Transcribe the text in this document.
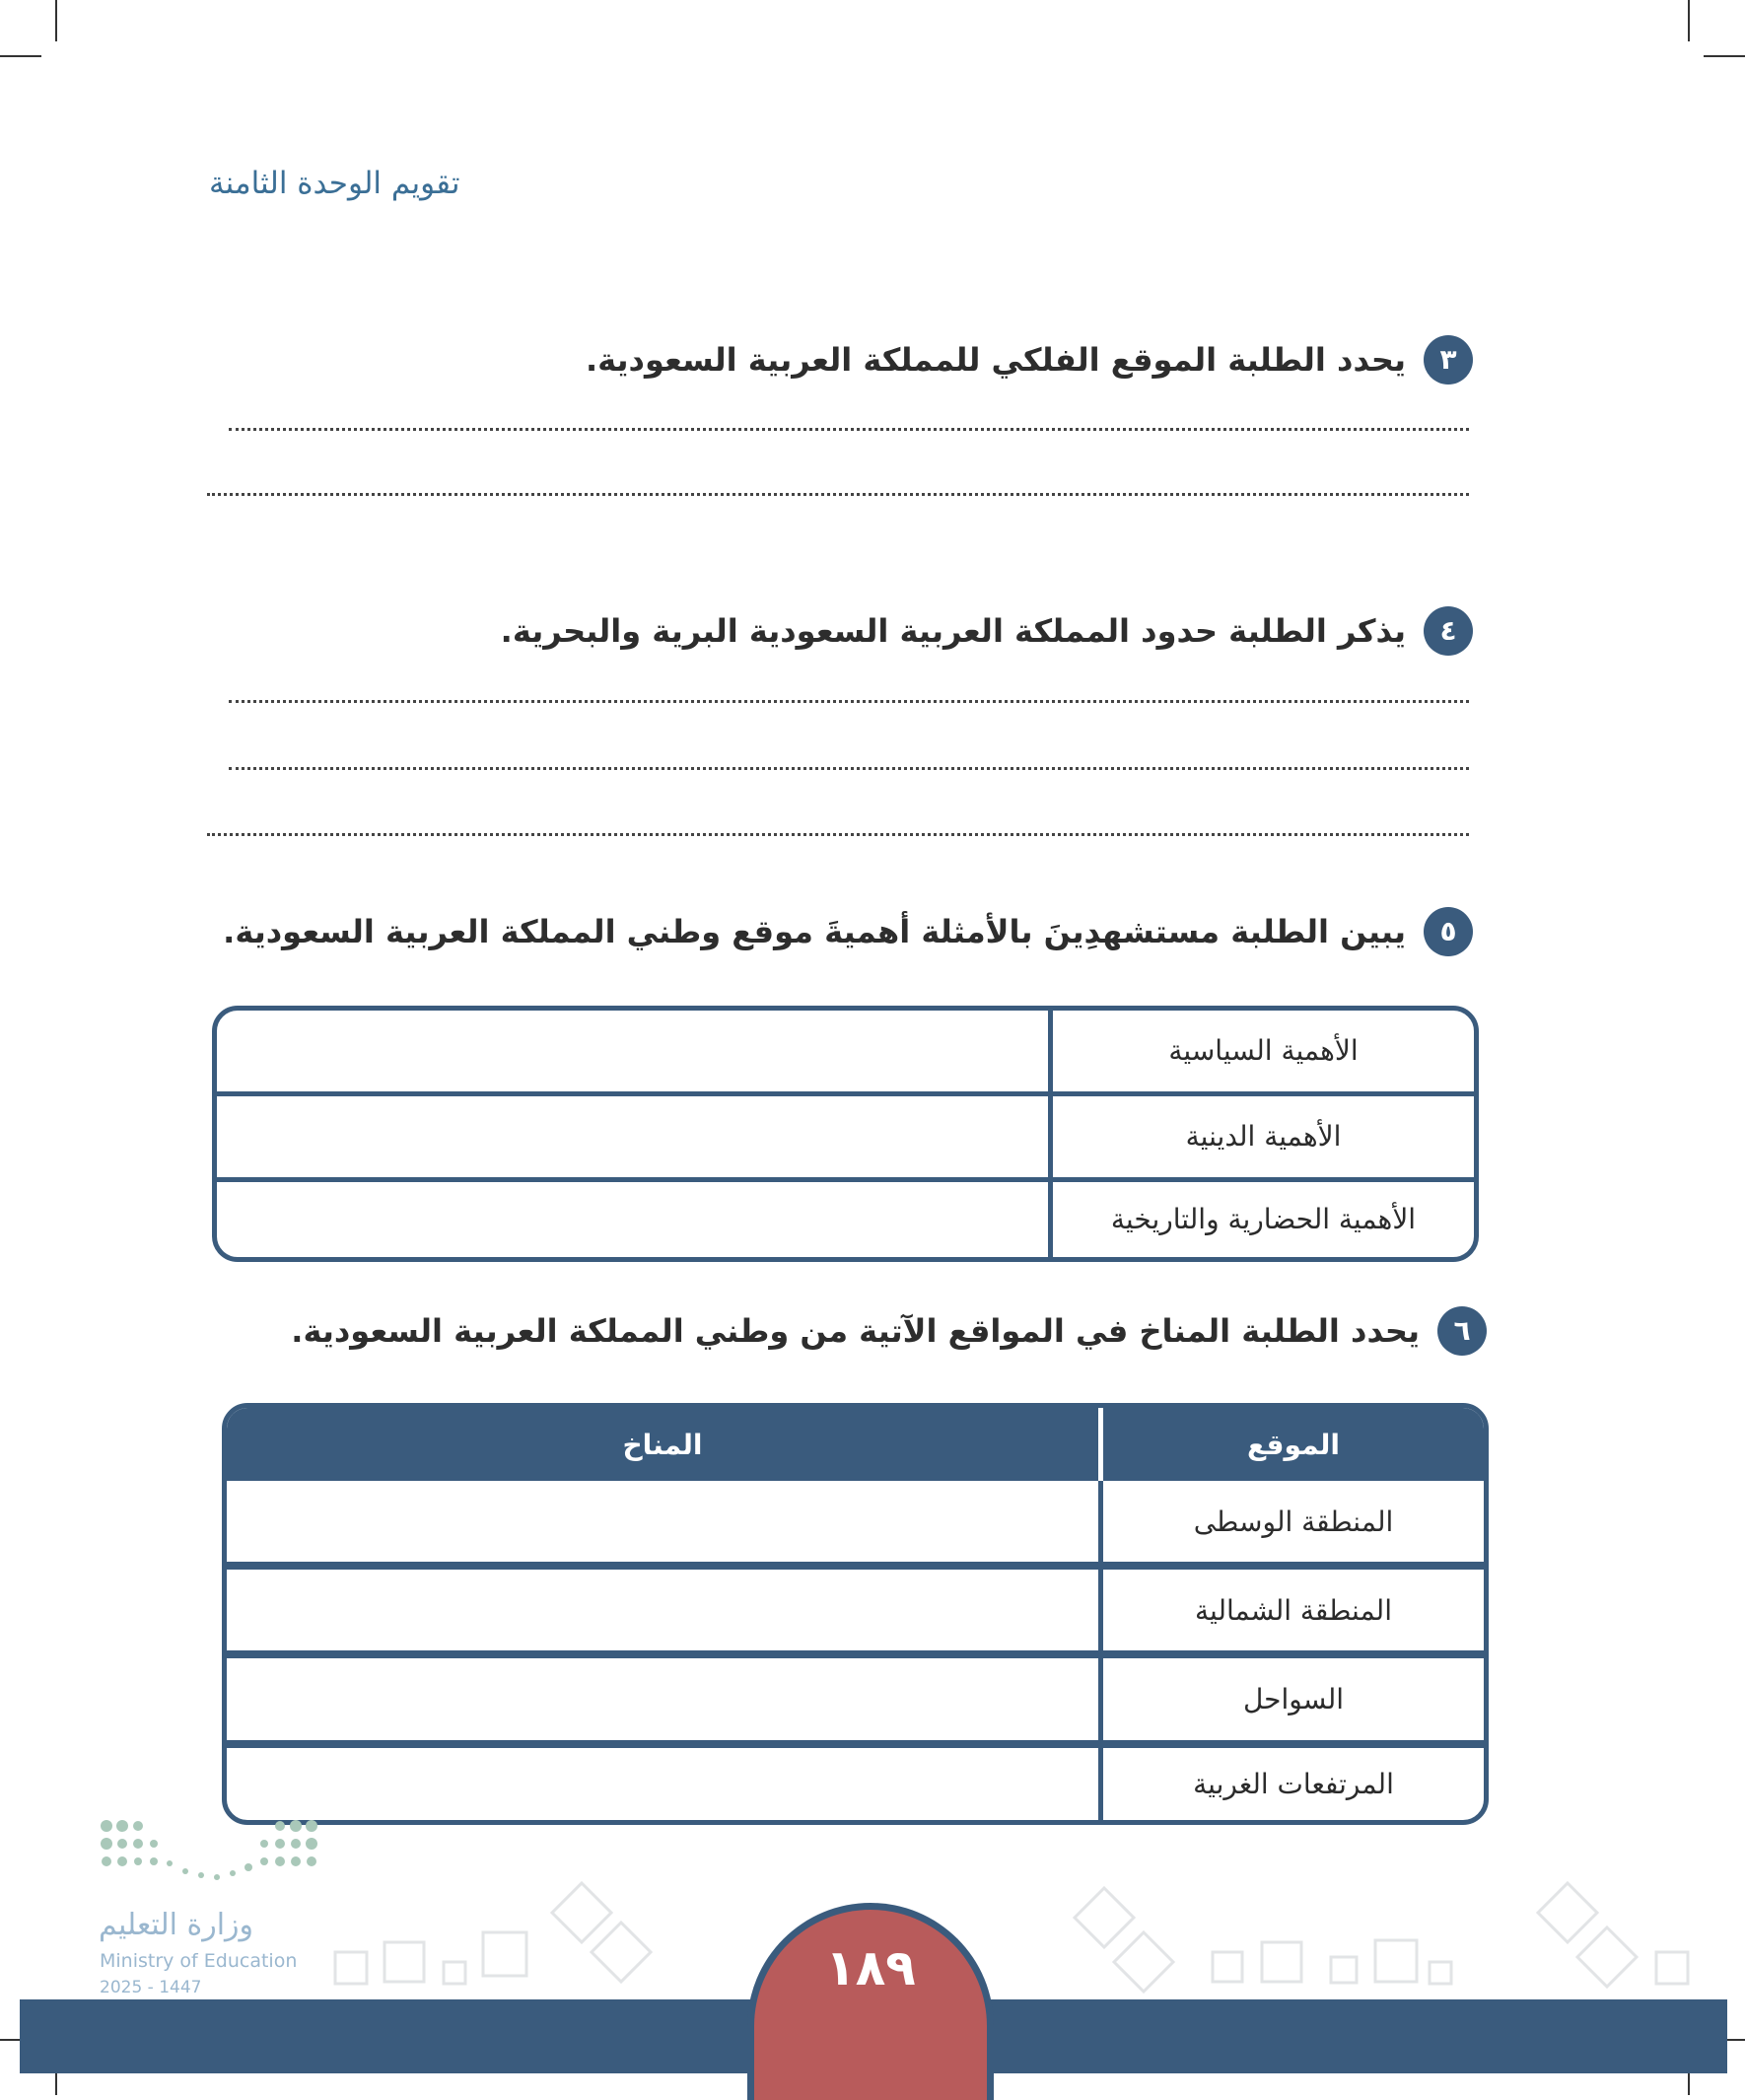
تقويم الوحدة الثامنة
٣يحدد الطلبة الموقع الفلكي للمملكة العربية السعودية.
٤يذكر الطلبة حدود المملكة العربية السعودية البرية والبحرية.
٥يبين الطلبة مستشهدِينَ بالأمثلة أهميةَ موقع وطني المملكة العربية السعودية.
الأهمية السياسية	
الأهمية الدينية	
الأهمية الحضارية والتاريخية	
٦يحدد الطلبة المناخ في المواقع الآتية من وطني المملكة العربية السعودية.
الموقع	المناخ
المنطقة الوسطى	
المنطقة الشمالية	
السواحل	
المرتفعات الغربية	
وزارة التعليم
Ministry of Education
2025 - 1447	١٨٩
